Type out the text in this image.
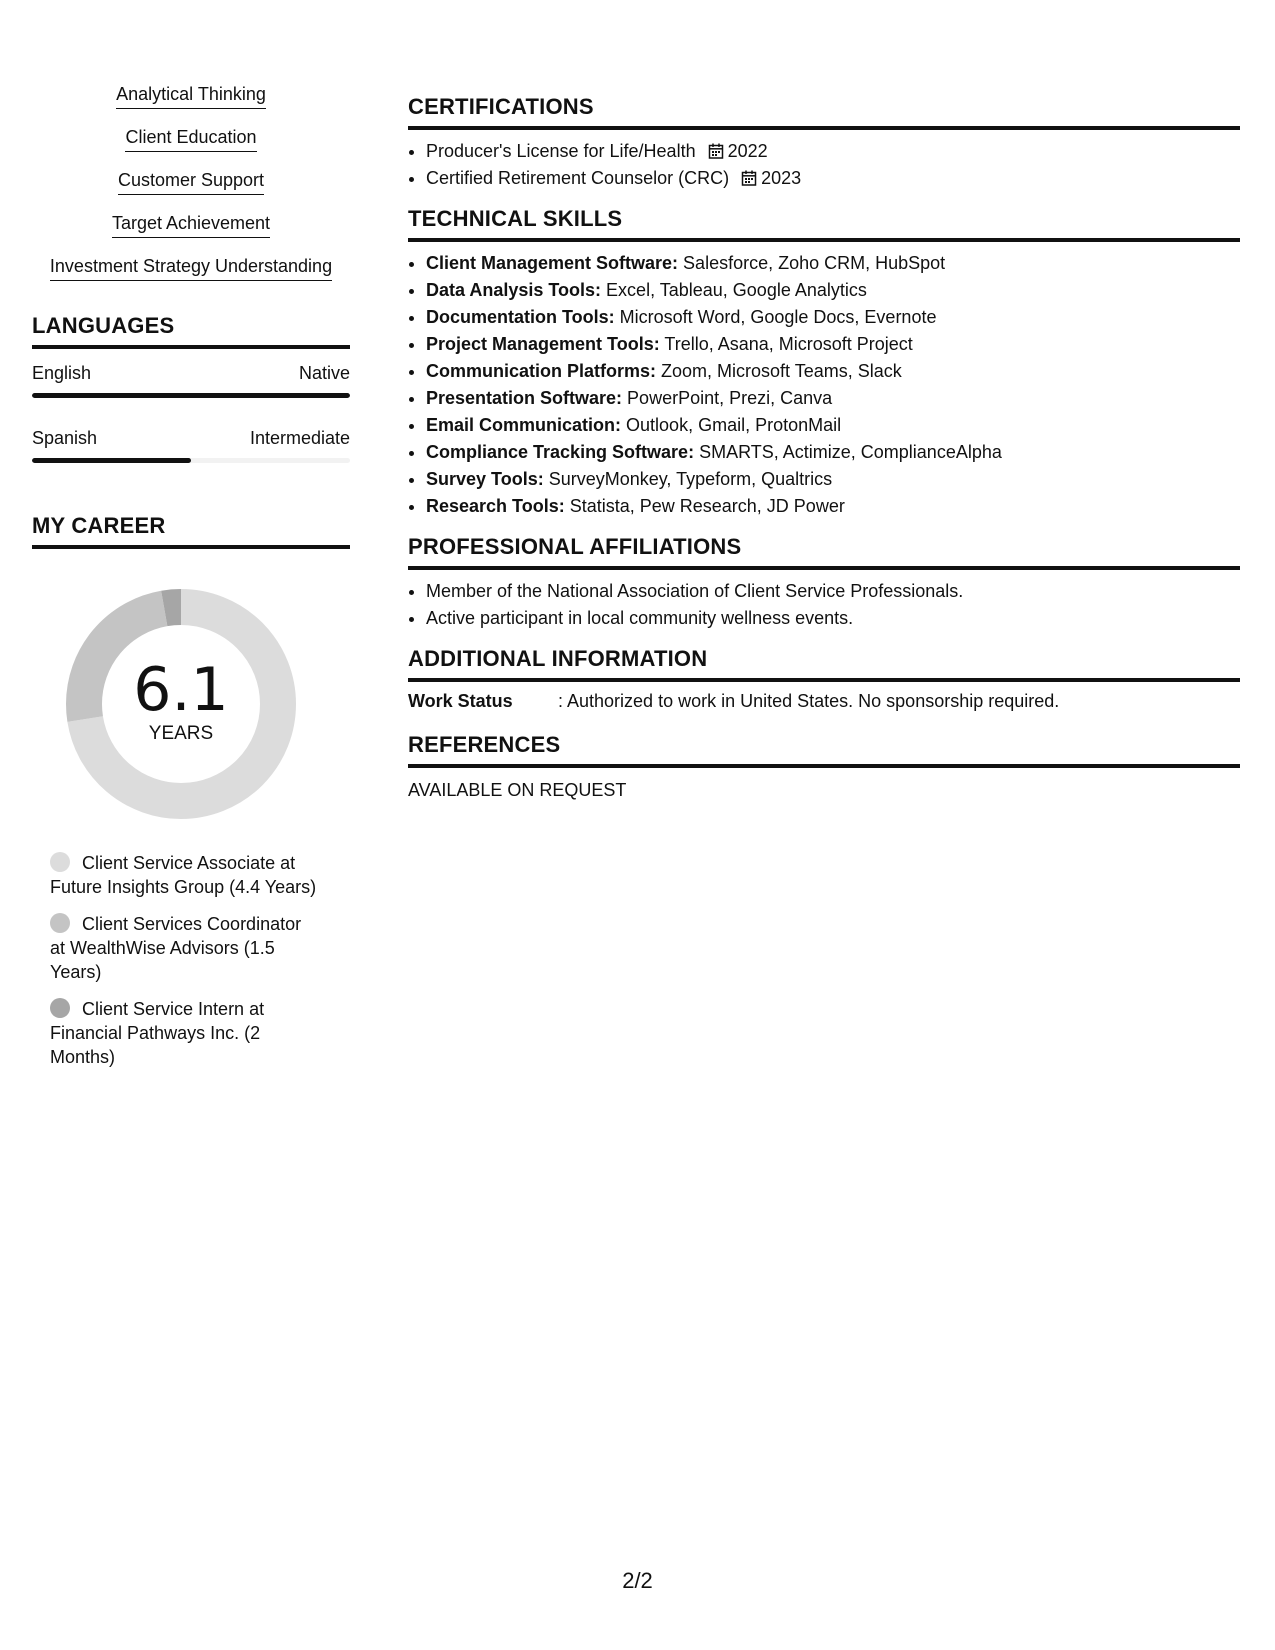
Analytical Thinking
Client Education
Customer Support
Target Achievement
Investment Strategy Understanding
LANGUAGES
English	Native
Spanish	Intermediate
MY CAREER
6.1
YEARS
Client Service Associate at Future Insights Group (4.4 Years)
Client Services Coordinator at WealthWise Advisors (1.5 Years)
Client Service Intern at Financial Pathways Inc. (2 Months)
CERTIFICATIONS
• Producer's License for Life/Health 2022
• Certified Retirement Counselor (CRC) 2023
TECHNICAL SKILLS
• Client Management Software: Salesforce, Zoho CRM, HubSpot
• Data Analysis Tools: Excel, Tableau, Google Analytics
• Documentation Tools: Microsoft Word, Google Docs, Evernote
• Project Management Tools: Trello, Asana, Microsoft Project
• Communication Platforms: Zoom, Microsoft Teams, Slack
• Presentation Software: PowerPoint, Prezi, Canva
• Email Communication: Outlook, Gmail, ProtonMail
• Compliance Tracking Software: SMARTS, Actimize, ComplianceAlpha
• Survey Tools: SurveyMonkey, Typeform, Qualtrics
• Research Tools: Statista, Pew Research, JD Power
PROFESSIONAL AFFILIATIONS
• Member of the National Association of Client Service Professionals.
• Active participant in local community wellness events.
ADDITIONAL INFORMATION
Work Status	: Authorized to work in United States. No sponsorship required.
REFERENCES
AVAILABLE ON REQUEST
2/2
